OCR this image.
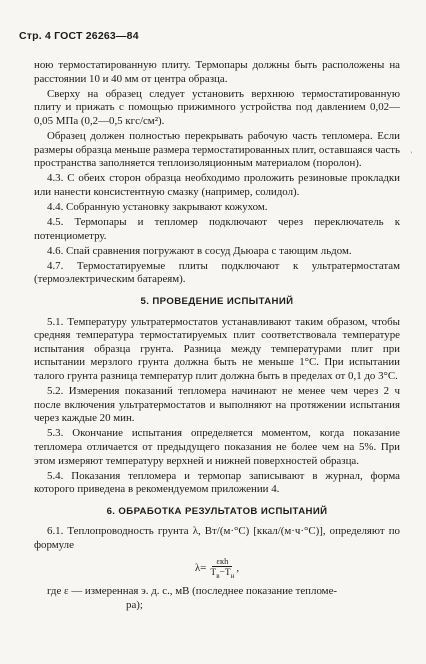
Стр. 4 ГОСТ 26263—84
`

ною термостатированную плиту. Термопары должны быть расположены на расстоянии 10 и 40 мм от центра образца.

Сверху на образец следует установить верхнюю термостатированную плиту и прижать с помощью прижимного устройства под давлением 0,02—0,05 МПа (0,2—0,5 кгс/см²).

Образец должен полностью перекрывать рабочую часть тепломера. Если размеры образца меньше размера термостатированных плит, оставшаяся часть пространства заполняется теплоизоляционным материалом (поролон).

4.3. С обеих сторон образца необходимо проложить резиновые прокладки или нанести консистентную смазку (например, солидол).

4.4. Собранную установку закрывают кожухом.

4.5. Термопары и тепломер подключают через переключатель к потенциометру.

4.6. Спай сравнения погружают в сосуд Дьюара с тающим льдом.

4.7. Термостатируемые плиты подключают к ультратермостатам (термоэлектрическим батареям).

5. ПРОВЕДЕНИЕ ИСПЫТАНИЙ

5.1. Температуру ультратермостатов устанавливают таким образом, чтобы средняя температура термостатируемых плит соответствовала температуре испытания образца грунта. Разница между температурами плит при испытании мерзлого грунта должна быть не меньше 1°С. При испытании талого грунта разница температур плит должна быть в пределах от 0,1 до 3°С.

5.2. Измерения показаний тепломера начинают не менее чем через 2 ч после включения ультратермостатов и выполняют на протяжении испытания через каждые 20 мин.

5.3. Окончание испытания определяется моментом, когда показание тепломера отличается от предыдущего показания не более чем на 5%. При этом измеряют температуру верхней и нижней поверхностей образца.

5.4. Показания тепломера и термопар записывают в журнал, форма которого приведена в рекомендуемом приложении 4.

6. ОБРАБОТКА РЕЗУЛЬТАТОВ ИСПЫТАНИЙ

6.1. Теплопроводность грунта λ, Вт/(м·°С) [ккал/(м·ч·°С)], определяют по формуле

$\lambda= \frac{\text{εкh}}{T_в-T_н}$ ,

где ε — измеренная э. д. с., мВ (последнее показание тепломе-

ра);
